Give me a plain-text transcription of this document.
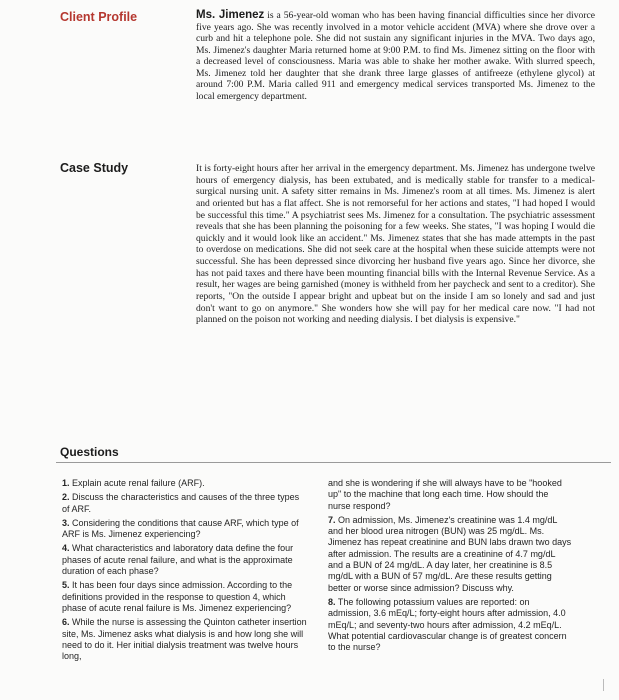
Client Profile	Ms. Jimenez is a 56-year-old woman who has been having financial difficulties since her divorce five years ago. She was recently involved in a motor vehicle accident (MVA) where she drove over a curb and hit a telephone pole. She did not sustain any significant injuries in the MVA. Two days ago, Ms. Jimenez's daughter Maria returned home at 9:00 P.M. to find Ms. Jimenez sitting on the floor with a decreased level of consciousness. Maria was able to shake her mother awake. With slurred speech, Ms. Jimenez told her daughter that she drank three large glasses of antifreeze (ethylene glycol) at around 7:00 P.M. Maria called 911 and emergency medical services transported Ms. Jimenez to the local emergency department.
Case Study	It is forty-eight hours after her arrival in the emergency department. Ms. Jimenez has undergone twelve hours of emergency dialysis, has been extubated, and is medically stable for transfer to a medical-surgical nursing unit. A safety sitter remains in Ms. Jimenez's room at all times. Ms. Jimenez is alert and oriented but has a flat affect. She is not remorseful for her actions and states, "I had hoped I would be successful this time." A psychiatrist sees Ms. Jimenez for a consultation. The psychiatric assessment reveals that she has been planning the poisoning for a few weeks. She states, "I was hoping I would die quickly and it would look like an accident." Ms. Jimenez states that she has made attempts in the past to overdose on medications. She did not seek care at the hospital when these suicide attempts were not successful. She has been depressed since divorcing her husband five years ago. Since her divorce, she has not paid taxes and there have been mounting financial bills with the Internal Revenue Service. As a result, her wages are being garnished (money is withheld from her paycheck and sent to a creditor). She reports, "On the outside I appear bright and upbeat but on the inside I am so lonely and sad and just don't want to go on anymore." She wonders how she will pay for her medical care now. "I had not planned on the poison not working and needing dialysis. I bet dialysis is expensive."
Questions
1. Explain acute renal failure (ARF).
2. Discuss the characteristics and causes of the three types of ARF.
3. Considering the conditions that cause ARF, which type of ARF is Ms. Jimenez experiencing?
4. What characteristics and laboratory data define the four phases of acute renal failure, and what is the approximate duration of each phase?
5. It has been four days since admission. According to the definitions provided in the response to question 4, which phase of acute renal failure is Ms. Jimenez experiencing?
6. While the nurse is assessing the Quinton catheter insertion site, Ms. Jimenez asks what dialysis is and how long she will need to do it. Her initial dialysis treatment was twelve hours long,
and she is wondering if she will always have to be "hooked up" to the machine that long each time. How should the nurse respond?
7. On admission, Ms. Jimenez's creatinine was 1.4 mg/dL and her blood urea nitrogen (BUN) was 25 mg/dL. Ms. Jimenez has repeat creatinine and BUN labs drawn two days after admission. The results are a creatinine of 4.7 mg/dL and a BUN of 24 mg/dL. A day later, her creatinine is 8.5 mg/dL with a BUN of 57 mg/dL. Are these results getting better or worse since admission? Discuss why.
8. The following potassium values are reported: on admission, 3.6 mEq/L; forty-eight hours after admission, 4.0 mEq/L; and seventy-two hours after admission, 4.2 mEq/L. What potential cardiovascular change is of greatest concern to the nurse?
